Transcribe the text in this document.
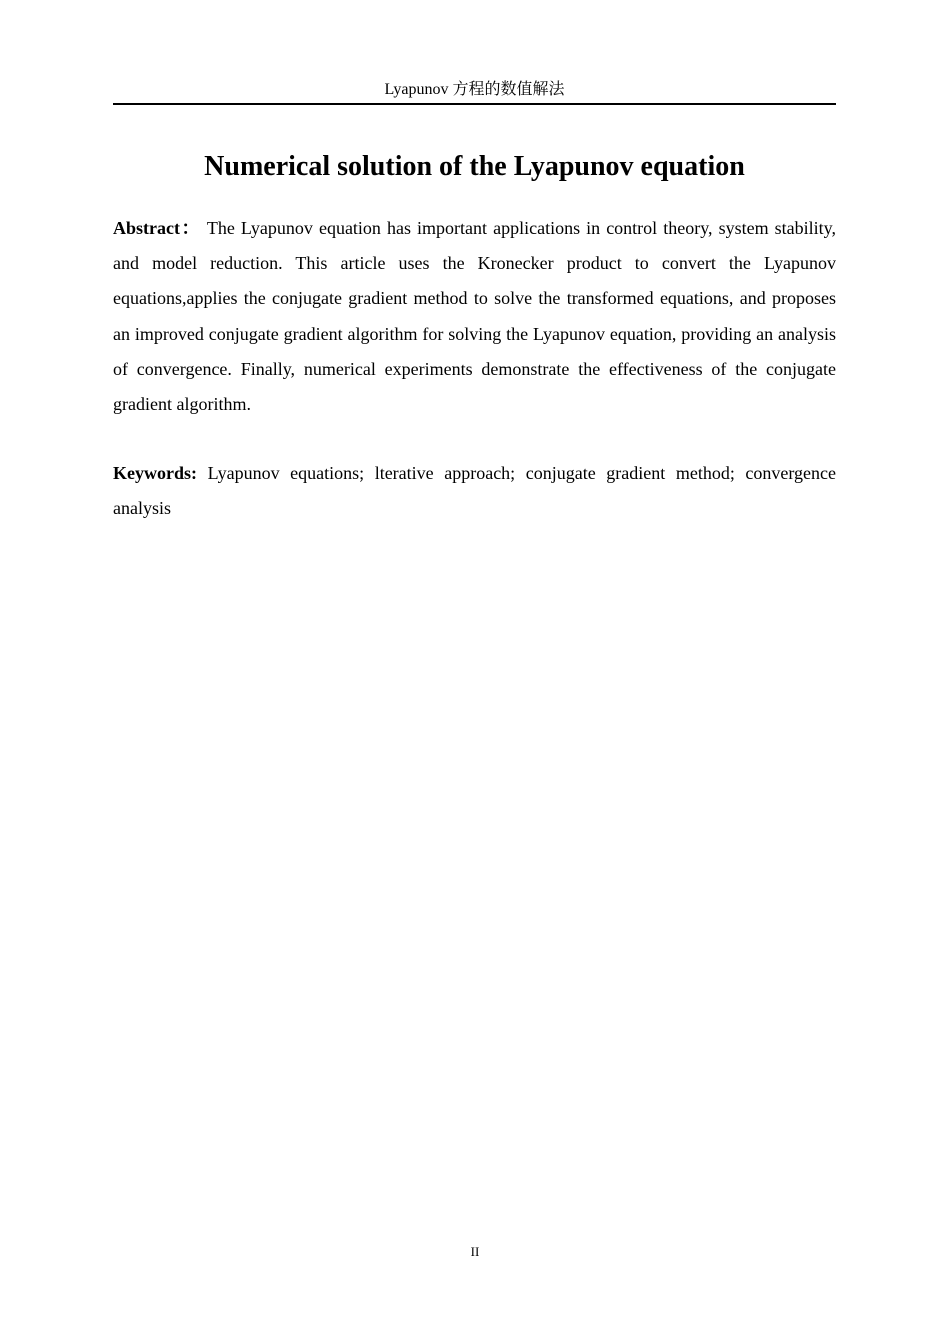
Lyapunov 方程的数值解法
Numerical solution of the Lyapunov equation

Abstract： The Lyapunov equation has important applications in control theory, system stability, and model reduction. This article uses the Kronecker product to convert the Lyapunov equations,applies the conjugate gradient method to solve the transformed equations, and proposes an improved conjugate gradient algorithm for solving the Lyapunov equation, providing an analysis of convergence. Finally, numerical experiments demonstrate the effectiveness of the conjugate gradient algorithm.

Keywords: Lyapunov equations; lterative approach; conjugate gradient method; convergence analysis

II
